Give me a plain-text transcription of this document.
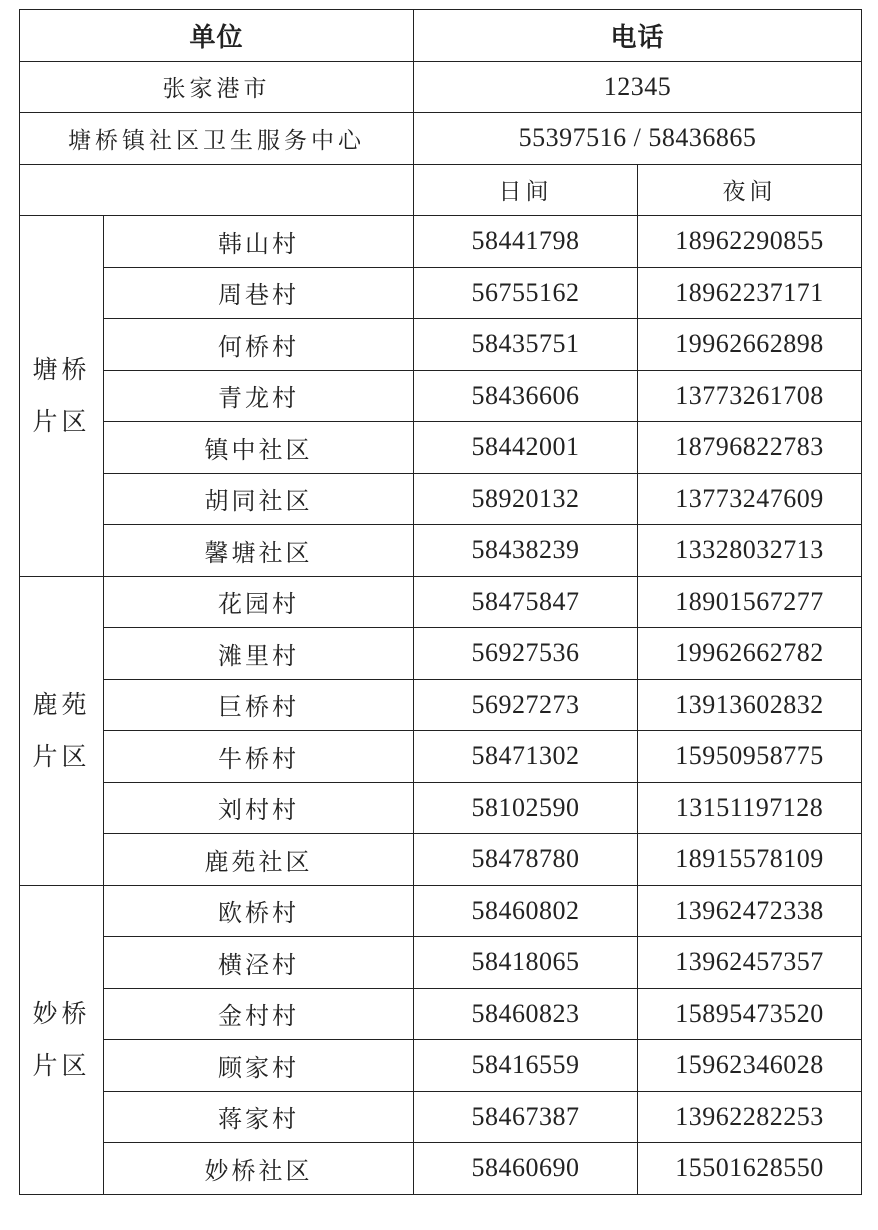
单位		电话	
张家港市		12345	
塘桥镇社区卫生服务中心		55397516 / 58436865	
		日间	夜间
塘桥
片区	韩山村	58441798	18962290855
	周巷村	56755162	18962237171
	何桥村	58435751	19962662898
	青龙村	58436606	13773261708
	镇中社区	58442001	18796822783
	胡同社区	58920132	13773247609
	馨塘社区	58438239	13328032713
鹿苑
片区	花园村	58475847	18901567277
	滩里村	56927536	19962662782
	巨桥村	56927273	13913602832
	牛桥村	58471302	15950958775
	刘村村	58102590	13151197128
	鹿苑社区	58478780	18915578109
妙桥
片区	欧桥村	58460802	13962472338
	横泾村	58418065	13962457357
	金村村	58460823	15895473520
	顾家村	58416559	15962346028
	蒋家村	58467387	13962282253
	妙桥社区	58460690	15501628550
